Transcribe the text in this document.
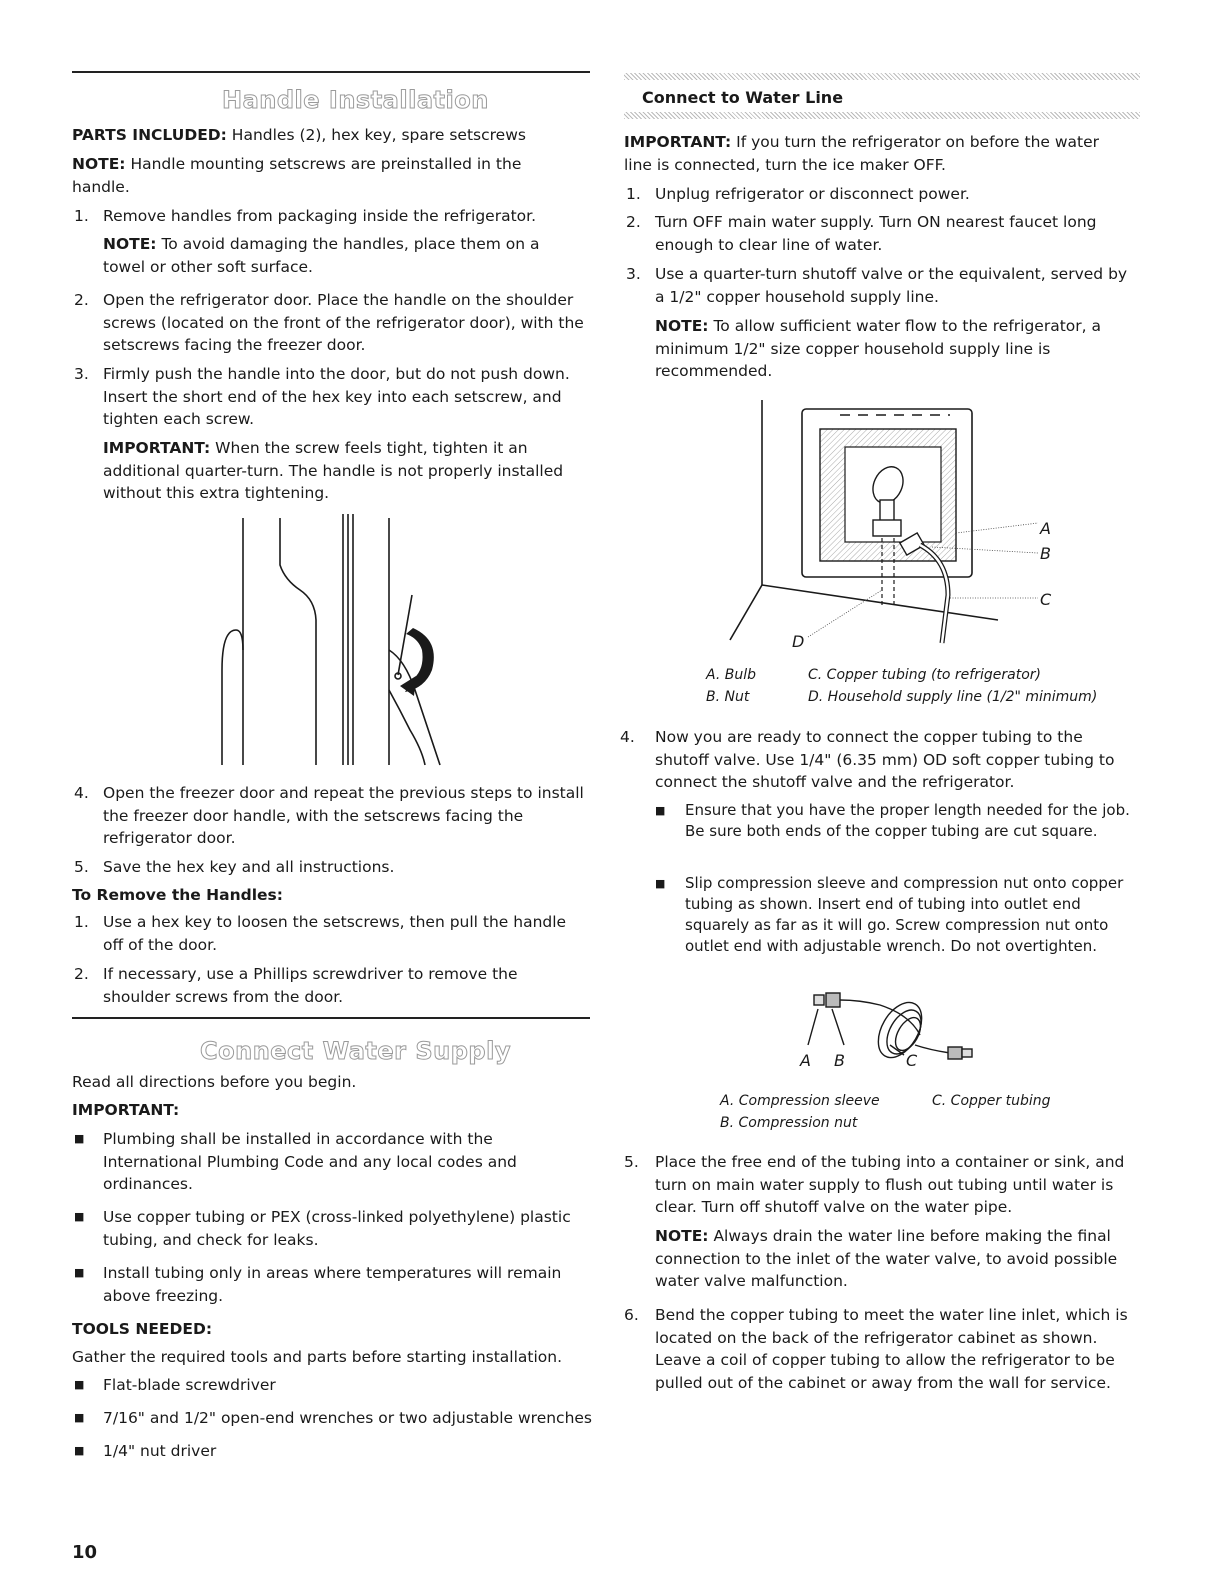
Handle Installation

PARTS INCLUDED: Handles (2), hex key, spare setscrews

NOTE: Handle mounting setscrews are preinstalled in the handle.

1. Remove handles from packaging inside the refrigerator.

NOTE: To avoid damaging the handles, place them on a towel or other soft surface.

2. Open the refrigerator door. Place the handle on the shoulder screws (located on the front of the refrigerator door), with the setscrews facing the freezer door.

3. Firmly push the handle into the door, but do not push down. Insert the short end of the hex key into each setscrew, and tighten each screw.

IMPORTANT: When the screw feels tight, tighten it an additional quarter-turn. The handle is not properly installed without this extra tightening.

4. Open the freezer door and repeat the previous steps to install the freezer door handle, with the setscrews facing the refrigerator door.

5. Save the hex key and all instructions.

To Remove the Handles:
1. Use a hex key to loosen the setscrews, then pull the handle off of the door.

2. If necessary, use a Phillips screwdriver to remove the shoulder screws from the door.

Connect Water Supply

Read all directions before you begin.

IMPORTANT:
■ Plumbing shall be installed in accordance with the International Plumbing Code and any local codes and ordinances.

■ Use copper tubing or PEX (cross-linked polyethylene) plastic tubing, and check for leaks.

■ Install tubing only in areas where temperatures will remain above freezing.

TOOLS NEEDED:

Gather the required tools and parts before starting installation.

■ Flat-blade screwdriver

■ 7/16" and 1/2" open-end wrenches or two adjustable wrenches

■ 1/4" nut driver

10
Connect to Water Line

IMPORTANT: If you turn the refrigerator on before the water line is connected, turn the ice maker OFF.

1. Unplug refrigerator or disconnect power.

2. Turn OFF main water supply. Turn ON nearest faucet long enough to clear line of water.

3. Use a quarter-turn shutoff valve or the equivalent, served by a 1/2" copper household supply line.

NOTE: To allow sufficient water flow to the refrigerator, a minimum 1/2" size copper household supply line is recommended.

A
B
C
D

A. Bulb

B. Nut

C. Copper tubing (to refrigerator)

D. Household supply line (1/2" minimum)

4.	Now you are ready to connect the copper tubing to the shutoff valve. Use 1/4" (6.35 mm) OD soft copper tubing to connect the shutoff valve and the refrigerator.

■ Ensure that you have the proper length needed for the job. Be sure both ends of the copper tubing are cut square.

■ Slip compression sleeve and compression nut onto copper tubing as shown. Insert end of tubing into outlet end squarely as far as it will go. Screw compression nut onto outlet end with adjustable wrench. Do not overtighten.

A B	C

A. Compression sleeve

B. Compression nut

C. Copper tubing

5.	Place the free end of the tubing into a container or sink, and turn on main water supply to flush out tubing until water is clear. Turn off shutoff valve on the water pipe.

NOTE: Always drain the water line before making the final connection to the inlet of the water valve, to avoid possible water valve malfunction.

6.	Bend the copper tubing to meet the water line inlet, which is located on the back of the refrigerator cabinet as shown. Leave a coil of copper tubing to allow the refrigerator to be pulled out of the cabinet or away from the wall for service.
